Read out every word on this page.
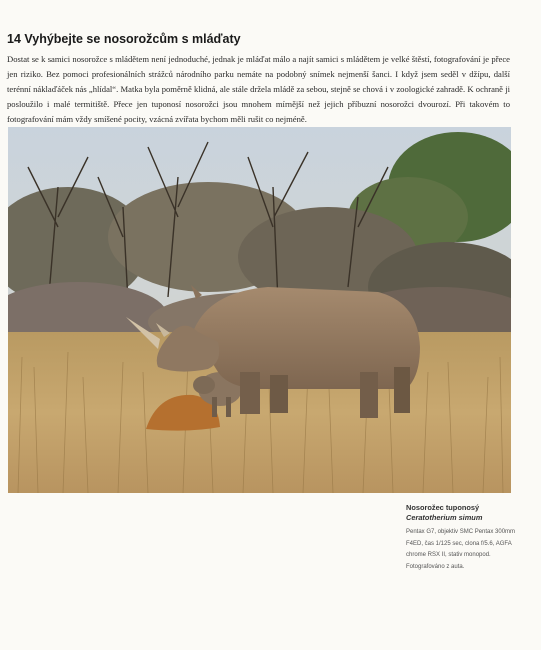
14 Vyhýbejte se nosorožcům s mláďaty

Dostat se k samici nosorožce s mládětem není jednoduché, jednak je mláďat málo a najít samici s mládětem je velké štěstí, fotografování je přece jen riziko. Bez pomoci profesionálních strážců národního parku nemáte na podobný snímek nejmenší šanci. I když jsem seděl v džípu, další terénní náklaďáček nás „hlídal“. Matka byla poměrně klidná, ale stále držela mládě za sebou, stejně se chová i v zoologické zahradě. K ochraně ji posloužilo i malé termitiště. Přece jen tuponosí nosorožci jsou mnohem mírnější než jejich příbuzní nosorožci dvourozí. Při takovém to fotografování mám vždy smíšené pocity, vzácná zvířata bychom měli rušit co nejméně.

Nosorožec tuponosý

Ceratotherium simum

Pentax G7, objektiv SMC Pentax 300mm F4ED, čas 1/125 sec, clona f/5.6, AGFA chrome RSX II, stativ monopod. Fotografováno z auta.
